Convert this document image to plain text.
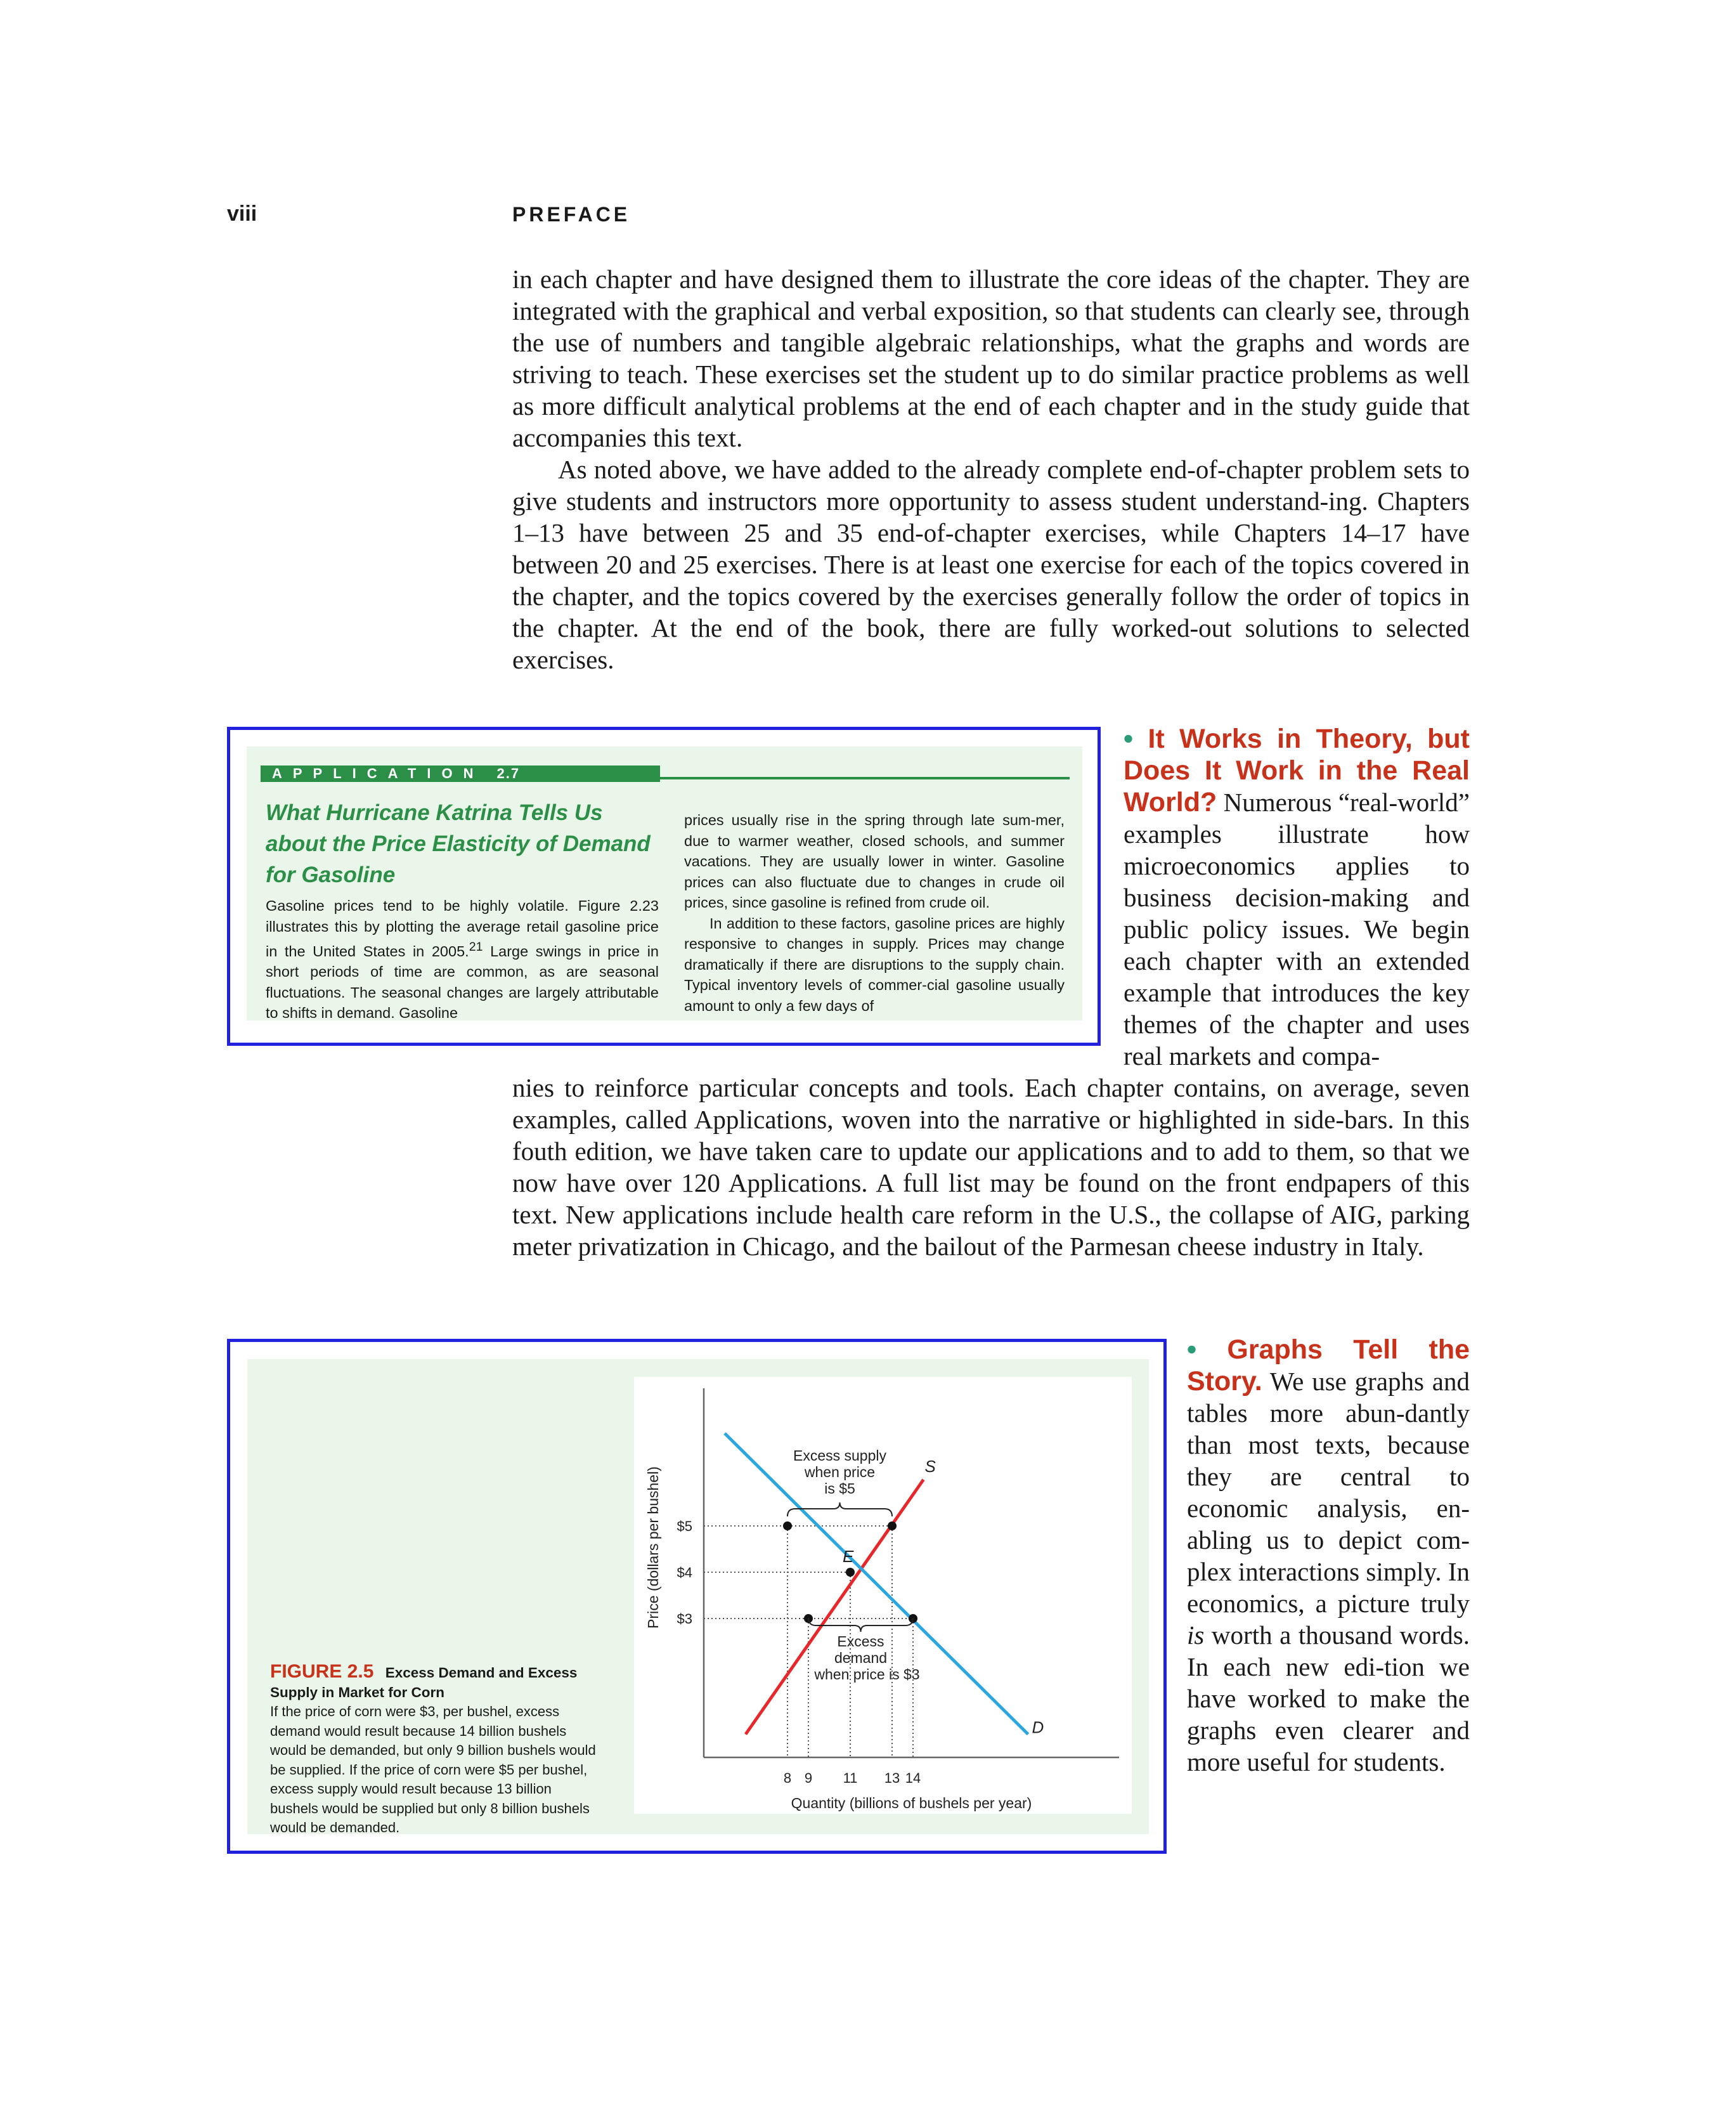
viii	PREFACE

in each chapter and have designed them to illustrate the core ideas of the chapter. They are integrated with the graphical and verbal exposition, so that students can clearly see, through the use of numbers and tangible algebraic relationships, what the graphs and words are striving to teach. These exercises set the student up to do similar practice problems as well as more difficult analytical problems at the end of each chapter and in the study guide that accompanies this text.

As noted above, we have added to the already complete end-of-chapter problem sets to give students and instructors more opportunity to assess student understand-ing. Chapters 1–13 have between 25 and 35 end-of-chapter exercises, while Chapters 14–17 have between 20 and 25 exercises. There is at least one exercise for each of the topics covered in the chapter, and the topics covered by the exercises generally follow the order of topics in the chapter. At the end of the book, there are fully worked-out solutions to selected exercises.

APPLICATION 2.7

What Hurricane Katrina Tells Us about the Price Elasticity of Demand for Gasoline

Gasoline prices tend to be highly volatile. Figure 2.23 illustrates this by plotting the average retail gasoline price in the United States in 2005.21 Large swings in price in short periods of time are common, as are seasonal fluctuations. The seasonal changes are largely attributable to shifts in demand. Gasoline

prices usually rise in the spring through late sum-mer, due to warmer weather, closed schools, and summer vacations. They are usually lower in winter. Gasoline prices can also fluctuate due to changes in crude oil prices, since gasoline is refined from crude oil.

In addition to these factors, gasoline prices are highly responsive to changes in supply. Prices may change dramatically if there are disruptions to the supply chain. Typical inventory levels of commer-cial gasoline usually amount to only a few days of

• It Works in Theory, but Does It Work in the Real World? Numerous “real-world” examples illustrate how microeconomics applies to business decision-making and public policy issues. We begin each chapter with an extended example that introduces the key themes of the chapter and uses real markets and compa-

nies to reinforce particular concepts and tools. Each chapter contains, on average, seven examples, called Applications, woven into the narrative or highlighted in side-bars. In this fouth edition, we have taken care to update our applications and to add to them, so that we now have over 120 Applications. A full list may be found on the front endpapers of this text. New applications include health care reform in the U.S., the collapse of AIG, parking meter privatization in Chicago, and the bailout of the Parmesan cheese industry in Italy.

FIGURE 2.5 Excess Demand and Excess Supply in Market for Corn
If the price of corn were $3, per bushel, excess demand would result because 14 billion bushels would be demanded, but only 9 billion bushels would be supplied. If the price of corn were $5 per bushel, excess supply would result because 13 billion bushels would be supplied but only 8 billion bushels would be demanded.
S
D
E
$5
$4
$3
8 9 11 13 14
Quantity (billions of bushels per year)
Price (dollars per bushel)
Excess supply
when price
is $5
Excess
demand
when price is $3

• Graphs Tell the Story. We use graphs and tables more abun-dantly than most texts, because they are central to economic analysis, en-abling us to depict com-plex interactions simply. In economics, a picture truly is worth a thousand words. In each new edi-tion we have worked to make the graphs even clearer and more useful for students.
